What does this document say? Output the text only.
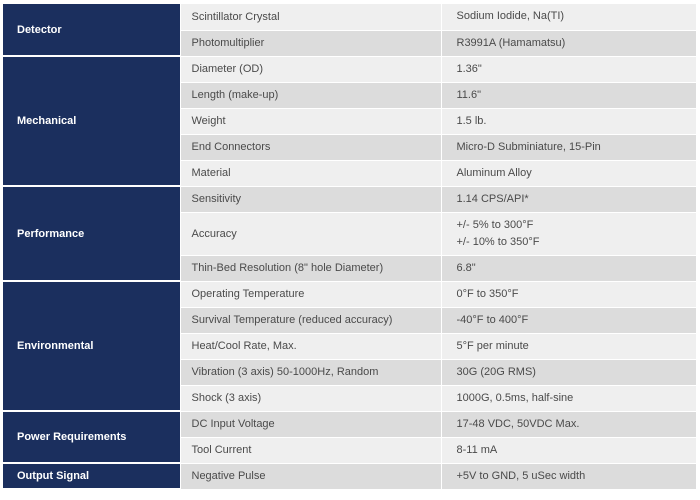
Detector	Scintillator Crystal	Sodium Iodide, Na(TI)

	Photomultiplier	R3991A (Hamamatsu)

Mechanical	Diameter (OD)	1.36"

	Length (make-up)	11.6"

	Weight	1.5 lb.

	End Connectors	Micro-D Subminiature, 15-Pin

	Material	Aluminum Alloy

Performance	Sensitivity	1.14 CPS/API*

	Accuracy	+/- 5% to 300°F
+/- 10% to 350°F

	Thin-Bed Resolution (8" hole Diameter)	6.8"

Environmental	Operating Temperature	0°F to 350°F

	Survival Temperature (reduced accuracy)	-40°F to 400°F

	Heat/Cool Rate, Max.	5°F per minute

	Vibration (3 axis) 50-1000Hz, Random	30G (20G RMS)

	Shock (3 axis)	1000G, 0.5ms, half-sine

Power Requirements	DC Input Voltage	17-48 VDC, 50VDC Max.

	Tool Current	8-11 mA

Output Signal	Negative Pulse	+5V to GND, 5 uSec width
